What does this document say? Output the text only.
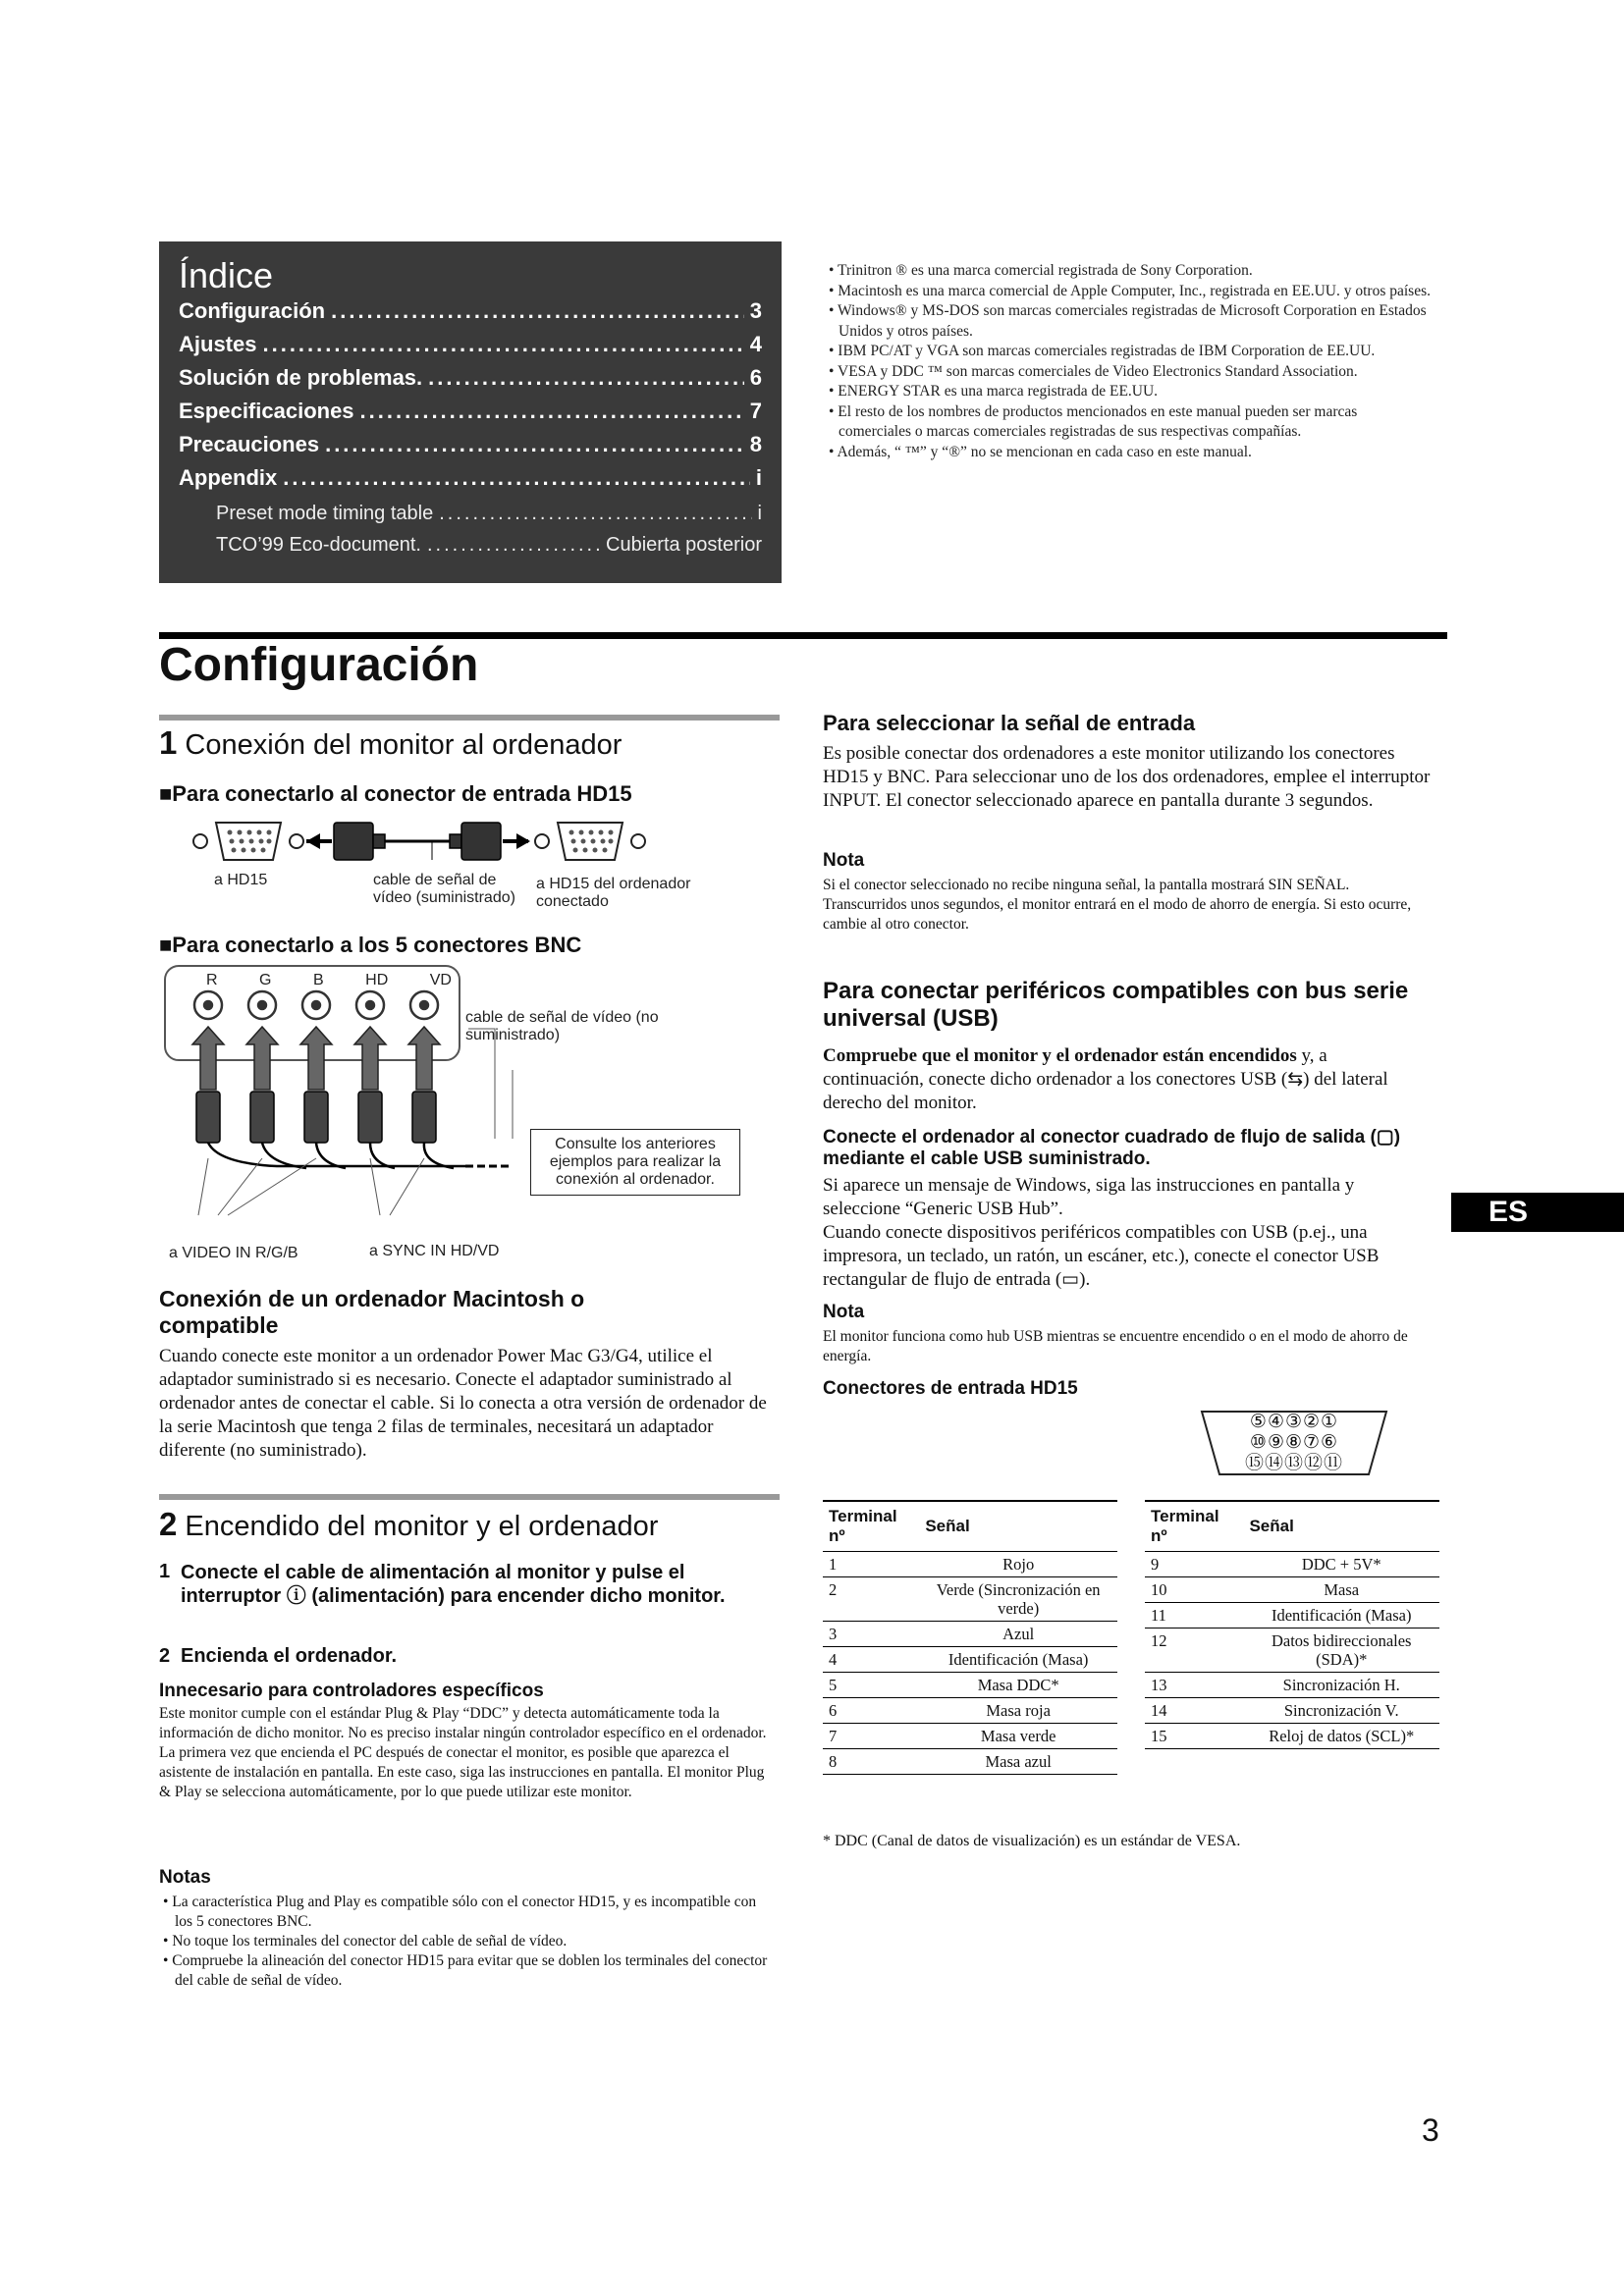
Índice
Configuración .....	3
Ajustes .....	4
Solución de problemas. .....	6
Especificaciones .....	7
Precauciones .....	8
Appendix .....	i
Preset mode timing table .....	i
TCO’99 Eco-document. .....	Cubierta posterior
• Trinitron ® es una marca comercial registrada de Sony Corporation.
• Macintosh es una marca comercial de Apple Computer, Inc., registrada en EE.UU. y otros países.
• Windows® y MS-DOS son marcas comerciales registradas de Microsoft Corporation en Estados Unidos y otros países.
• IBM PC/AT y VGA son marcas comerciales registradas de IBM Corporation de EE.UU.
• VESA y DDC ™ son marcas comerciales de Video Electronics Standard Association.
• ENERGY STAR es una marca registrada de EE.UU.
• El resto de los nombres de productos mencionados en este manual pueden ser marcas comerciales o marcas comerciales registradas de sus respectivas compañías.
• Además, “ ™” y “®” no se mencionan en cada caso en este manual.
Configuración
1 Conexión del monitor al ordenador
■Para conectarlo al conector de entrada HD15
a HD15	cable de señal de vídeo (suministrado)
a HD15 del ordenador conectado
■Para conectarlo a los 5 conectores BNC
R	G	B	HD	VD
cable de señal de vídeo (no suministrado)
Consulte los anteriores ejemplos para realizar la conexión al ordenador.
a VIDEO IN R/G/B	a SYNC IN HD/VD
Conexión de un ordenador Macintosh o compatible
Cuando conecte este monitor a un ordenador Power Mac G3/G4, utilice el adaptador suministrado si es necesario. Conecte el adaptador suministrado al ordenador antes de conectar el cable. Si lo conecta a otra versión de ordenador de la serie Macintosh que tenga 2 filas de terminales, necesitará un adaptador diferente (no suministrado).
2 Encendido del monitor y el ordenador
1 Conecte el cable de alimentación al monitor y pulse el interruptor ⓘ (alimentación) para encender dicho monitor.
2 Encienda el ordenador.
Innecesario para controladores específicos
Este monitor cumple con el estándar Plug & Play “DDC” y detecta automáticamente toda la información de dicho monitor. No es preciso instalar ningún controlador específico en el ordenador.
La primera vez que encienda el PC después de conectar el monitor, es posible que aparezca el asistente de instalación en pantalla. En este caso, siga las instrucciones en pantalla. El monitor Plug & Play se selecciona automáticamente, por lo que puede utilizar este monitor.
Notas
• La característica Plug and Play es compatible sólo con el conector HD15, y es incompatible con los 5 conectores BNC.
• No toque los terminales del conector del cable de señal de vídeo.
• Compruebe la alineación del conector HD15 para evitar que se doblen los terminales del conector del cable de señal de vídeo.
Para seleccionar la señal de entrada
Es posible conectar dos ordenadores a este monitor utilizando los conectores HD15 y BNC. Para seleccionar uno de los dos ordenadores, emplee el interruptor INPUT. El conector seleccionado aparece en pantalla durante 3 segundos.
Nota
Si el conector seleccionado no recibe ninguna señal, la pantalla mostrará SIN SEÑAL. Transcurridos unos segundos, el monitor entrará en el modo de ahorro de energía. Si esto ocurre, cambie al otro conector.
Para conectar periféricos compatibles con bus serie universal (USB)
Compruebe que el monitor y el ordenador están encendidos y, a continuación, conecte dicho ordenador a los conectores USB (⇆) del lateral derecho del monitor.
Conecte el ordenador al conector cuadrado de flujo de salida (▢) mediante el cable USB suministrado.
Si aparece un mensaje de Windows, siga las instrucciones en pantalla y seleccione “Generic USB Hub”.
Cuando conecte dispositivos periféricos compatibles con USB (p.ej., una impresora, un teclado, un ratón, un escáner, etc.), conecte el conector USB rectangular de flujo de entrada (▭).
Nota
El monitor funciona como hub USB mientras se encuentre encendido o en el modo de ahorro de energía.
Conectores de entrada HD15
⑤④③②①
⑩⑨⑧⑦⑥
⑮⑭⑬⑫⑪
Terminal nº	Señal
1	Rojo
2	Verde (Sincronización en verde)
3	Azul
4	Identificación (Masa)
5	Masa DDC*
6	Masa roja
7	Masa verde
8	Masa azul
Terminal nº	Señal
9	DDC + 5V*
10	Masa
11	Identificación (Masa)
12	Datos bidireccionales (SDA)*
13	Sincronización H.
14	Sincronización V.
15	Reloj de datos (SCL)*
* DDC (Canal de datos de visualización) es un estándar de VESA.
ES
3
